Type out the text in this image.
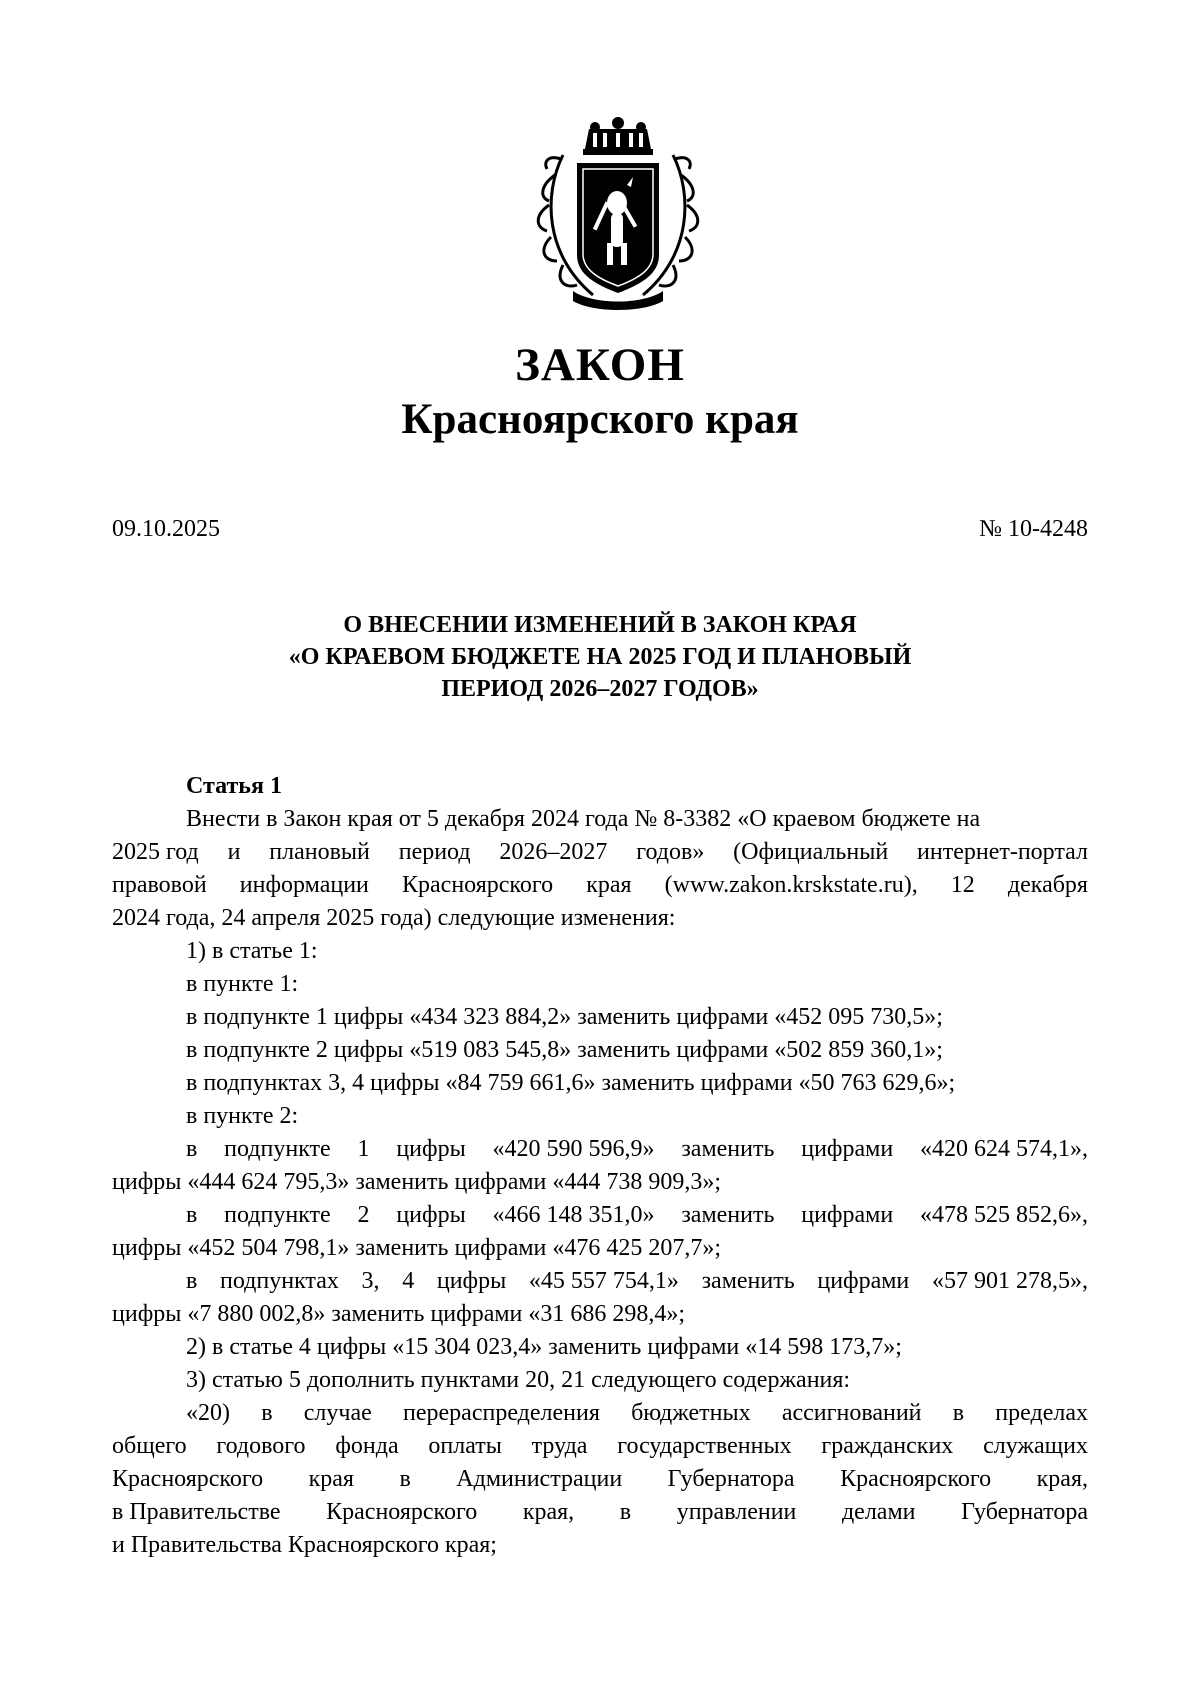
ЗАКОН
Красноярского края
09.10.2025	№ 10-4248
О ВНЕСЕНИИ ИЗМЕНЕНИЙ В ЗАКОН КРАЯ
«О КРАЕВОМ БЮДЖЕТЕ НА 2025 ГОД И ПЛАНОВЫЙ
ПЕРИОД 2026–2027 ГОДОВ»
Статья 1
Внести в Закон края от 5 декабря 2024 года № 8-3382 «О краевом бюджете на
2025 год и плановый период 2026–2027 годов» (Официальный интернет-портал
правовой информации Красноярского края (www.zakon.krskstate.ru), 12 декабря
2024 года, 24 апреля 2025 года) следующие изменения:
1) в статье 1:
в пункте 1:
в подпункте 1 цифры «434 323 884,2» заменить цифрами «452 095 730,5»;
в подпункте 2 цифры «519 083 545,8» заменить цифрами «502 859 360,1»;
в подпунктах 3, 4 цифры «84 759 661,6» заменить цифрами «50 763 629,6»;
в пункте 2:
в подпункте 1 цифры «420 590 596,9» заменить цифрами «420 624 574,1»,
цифры «444 624 795,3» заменить цифрами «444 738 909,3»;
в подпункте 2 цифры «466 148 351,0» заменить цифрами «478 525 852,6»,
цифры «452 504 798,1» заменить цифрами «476 425 207,7»;
в подпунктах 3, 4 цифры «45 557 754,1» заменить цифрами «57 901 278,5»,
цифры «7 880 002,8» заменить цифрами «31 686 298,4»;
2) в статье 4 цифры «15 304 023,4» заменить цифрами «14 598 173,7»;
3) статью 5 дополнить пунктами 20, 21 следующего содержания:
«20) в случае перераспределения бюджетных ассигнований в пределах
общего годового фонда оплаты труда государственных гражданских служащих
Красноярского края в Администрации Губернатора Красноярского края,
в Правительстве Красноярского края, в управлении делами Губернатора
и Правительства Красноярского края;
